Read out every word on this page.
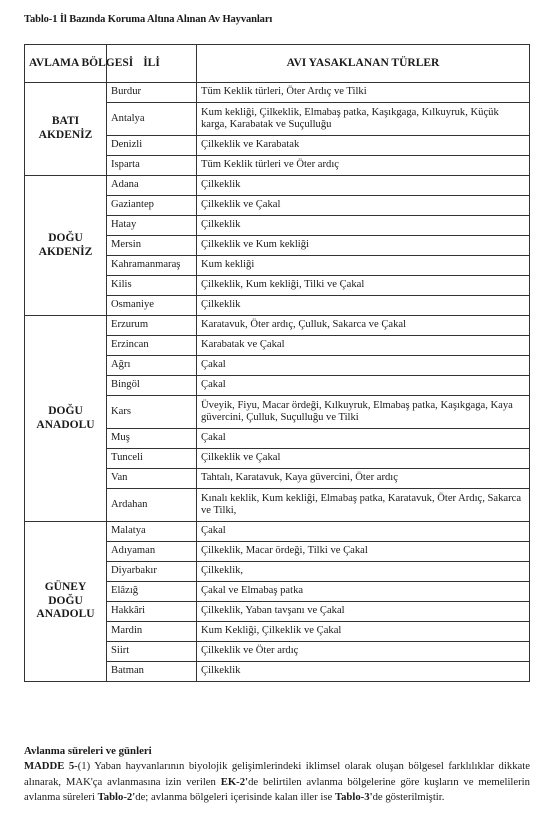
Tablo-1 İl Bazında Koruma Altına Alınan Av Hayvanları
AVLAMA BÖLGESİ	İLİ	AVI YASAKLANAN TÜRLER
BATI AKDENİZ	Burdur	Tüm Keklik türleri, Öter Ardıç ve Tilki
	Antalya	Kum kekliği, Çilkeklik, Elmabaş patka, Kaşıkgaga, Kılkuyruk, Küçük karga, Karabatak ve Suçulluğu
	Denizli	Çilkeklik ve Karabatak
	Isparta	Tüm Keklik türleri ve Öter ardıç
DOĞU AKDENİZ	Adana	Çilkeklik
	Gaziantep	Çilkeklik ve Çakal
	Hatay	Çilkeklik
	Mersin	Çilkeklik ve Kum kekliği
	Kahramanmaraş	Kum kekliği
	Kilis	Çilkeklik, Kum kekliği, Tilki ve Çakal
	Osmaniye	Çilkeklik
DOĞU ANADOLU	Erzurum	Karatavuk, Öter ardıç, Çulluk, Sakarca ve Çakal
	Erzincan	Karabatak ve Çakal
	Ağrı	Çakal
	Bingöl	Çakal
	Kars	Üveyik, Fiyu, Macar ördeği, Kılkuyruk, Elmabaş patka, Kaşıkgaga, Kaya güvercini, Çulluk, Suçulluğu ve Tilki
	Muş	Çakal
	Tunceli	Çilkeklik ve Çakal
	Van	Tahtalı, Karatavuk, Kaya güvercini, Öter ardıç
	Ardahan	Kınalı keklik, Kum kekliği, Elmabaş patka, Karatavuk, Öter Ardıç, Sakarca ve Tilki,
GÜNEY DOĞU ANADOLU	Malatya	Çakal
	Adıyaman	Çilkeklik, Macar ördeği, Tilki ve Çakal
	Diyarbakır	Çilkeklik,
	Elâzığ	Çakal ve Elmabaş patka
	Hakkâri	Çilkeklik, Yaban tavşanı ve Çakal
	Mardin	Kum Kekliği, Çilkeklik ve Çakal
	Siirt	Çilkeklik ve Öter ardıç
	Batman	Çilkeklik
Avlanma süreleri ve günleri

MADDE 5-(1) Yaban hayvanlarının biyolojik gelişimlerindeki iklimsel olarak oluşan bölgesel farklılıklar dikkate alınarak, MAK'ça avlanmasına izin verilen EK-2'de belirtilen avlanma bölgelerine göre kuşların ve memelilerin avlanma süreleri Tablo-2'de; avlanma bölgeleri içerisinde kalan iller ise Tablo-3'de gösterilmiştir.
